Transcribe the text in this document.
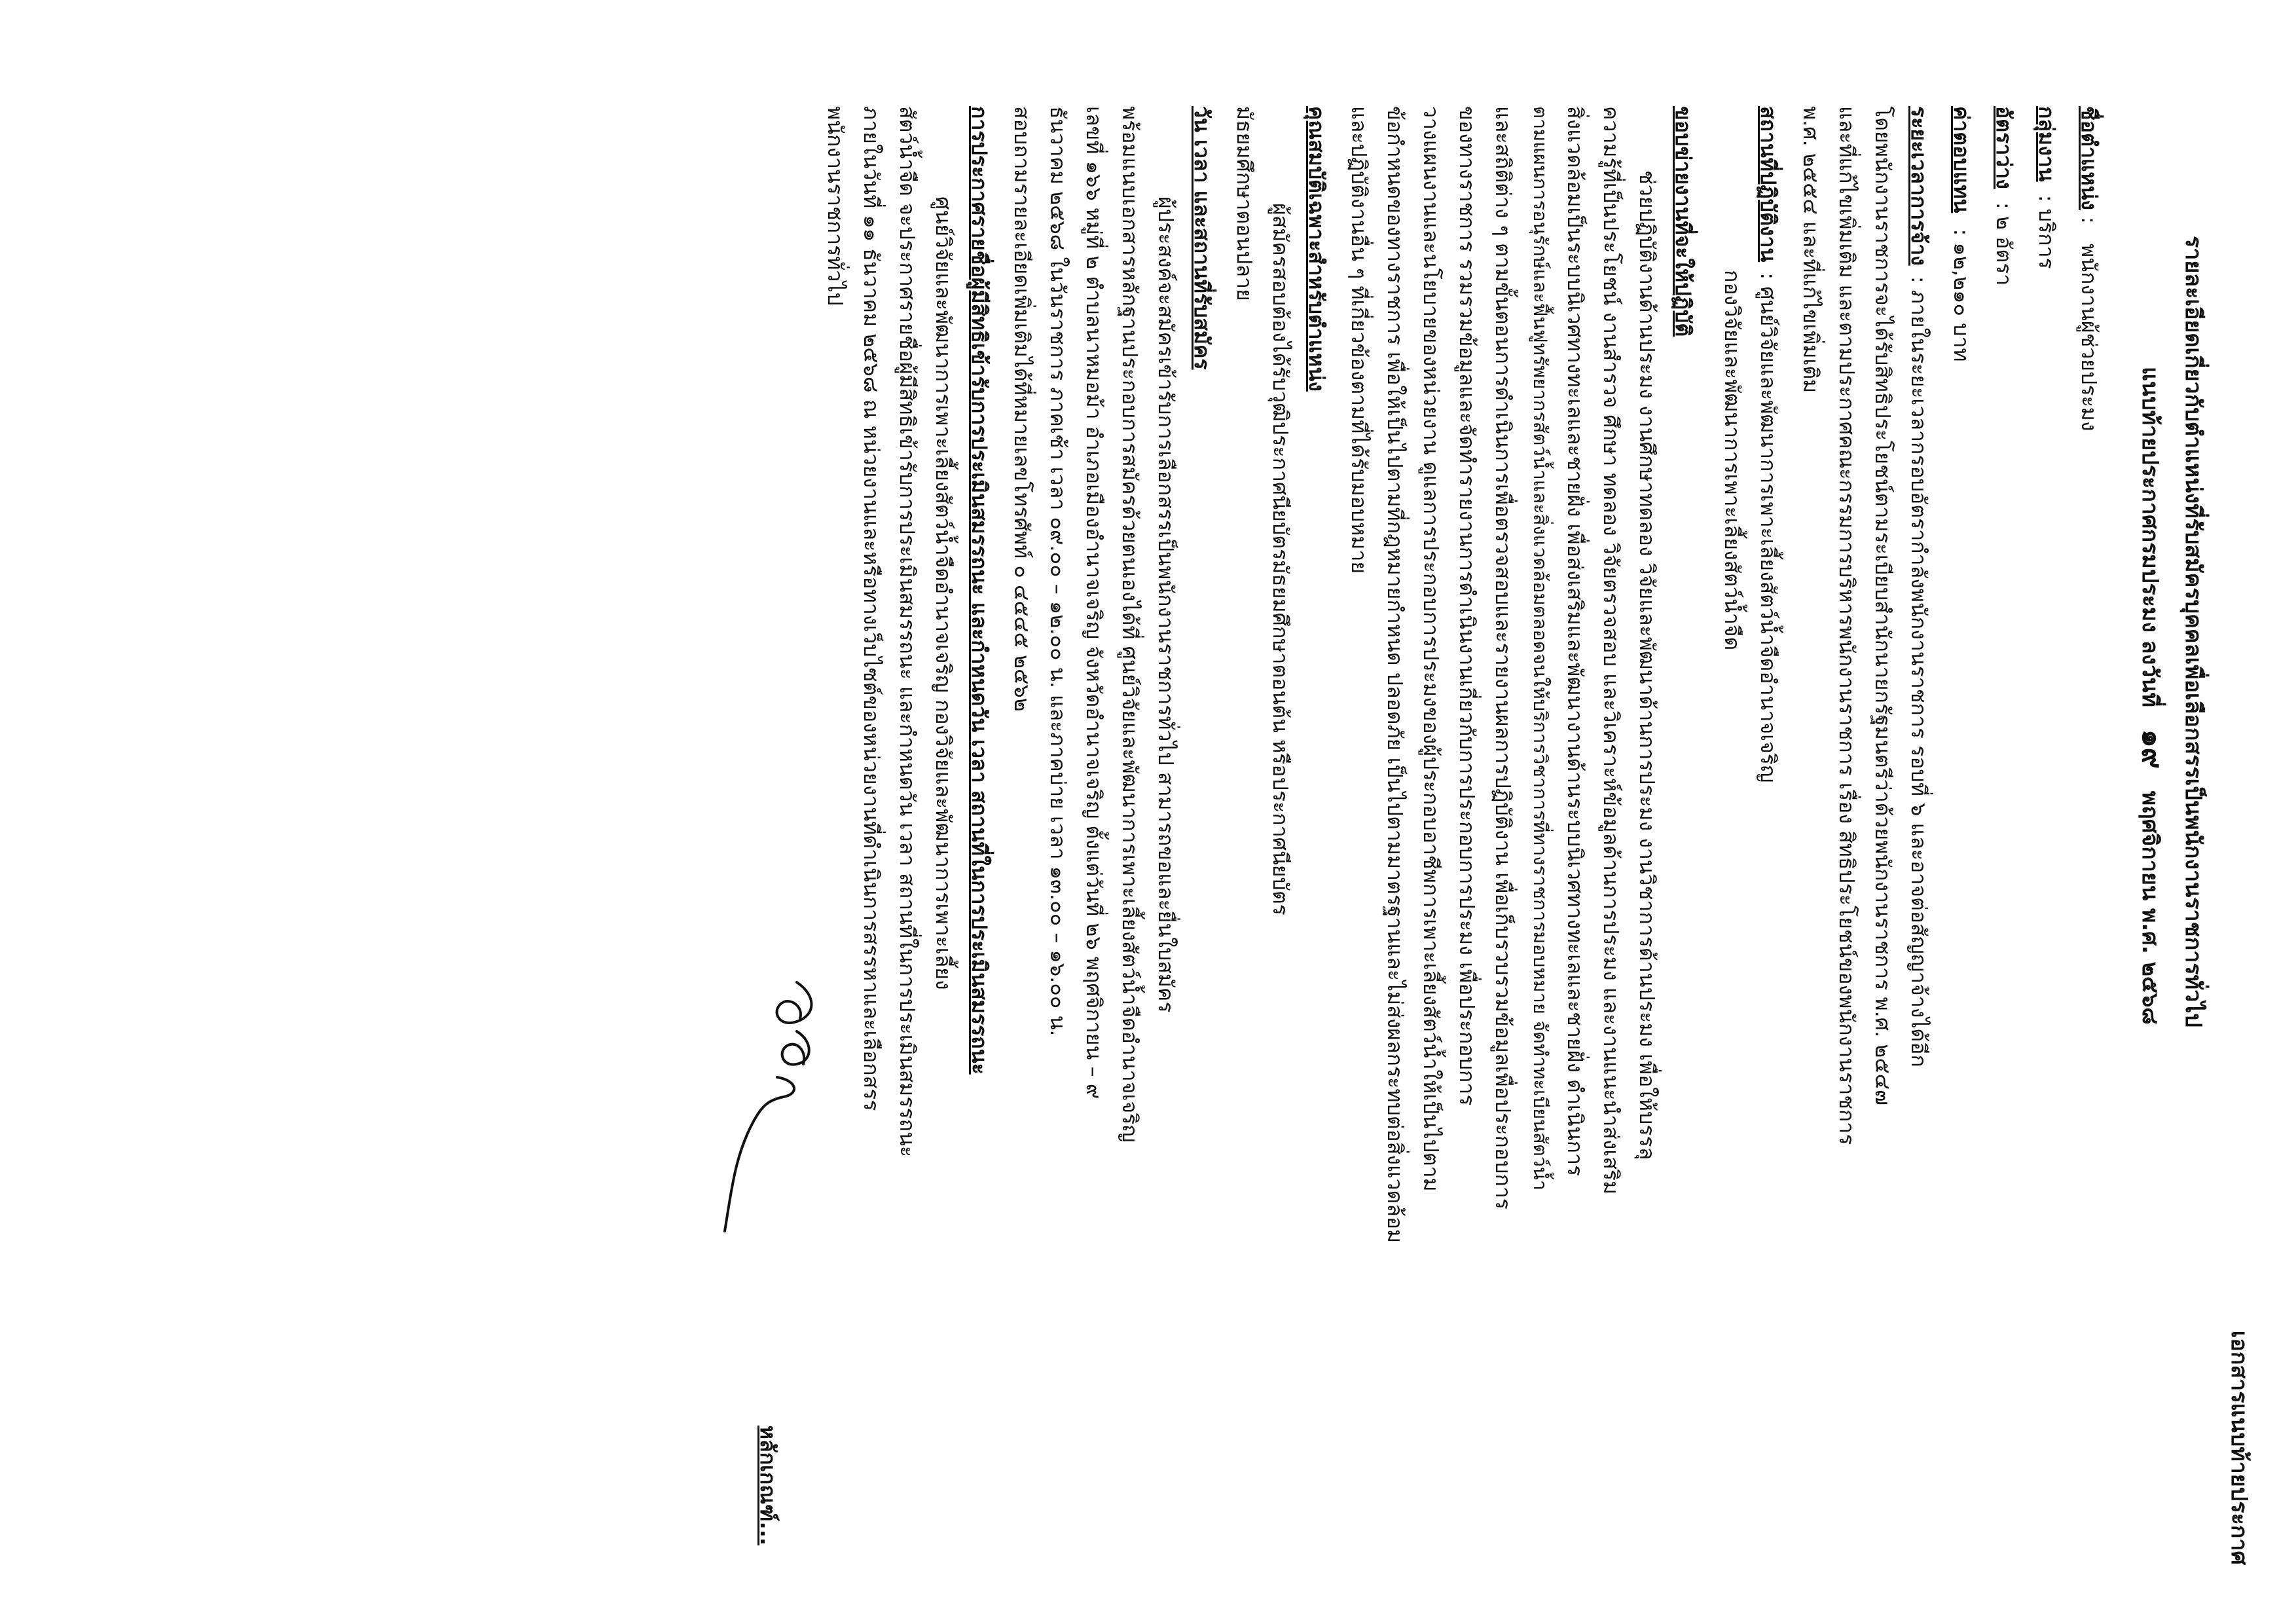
เอกสารแนบท้ายประกาศ
รายละเอียดเกี่ยวกับตำแหน่งที่รับสมัครบุคคลเพื่อเลือกสรรเป็นพนักงานราชการทั่วไป
แนบท้ายประกาศกรมประมง ลงวันที่ ๑๙ พฤศจิกายน พ.ศ. ๒๕๖๘
ชื่อตำแหน่ง : พนักงานผู้ช่วยประมง
กลุ่มงาน : บริการ
อัตราว่าง : ๒ อัตรา
ค่าตอบแทน : ๑๒,๒๑๐ บาท
ระยะเวลาการจ้าง : ภายในระยะเวลากรอบอัตรากำลังพนักงานราชการ รอบที่ ๖ และอาจต่อสัญญาจ้างได้อีก
โดยพนักงานราชการจะได้รับสิทธิประโยชน์ตามระเบียบสำนักนายกรัฐมนตรีว่าด้วยพนักงานราชการ พ.ศ. ๒๕๔๗
และที่แก้ไขเพิ่มเติม และตามประกาศคณะกรรมการบริหารพนักงานราชการ เรื่อง สิทธิประโยชน์ของพนักงานราชการ
พ.ศ. ๒๕๕๔ และที่แก้ไขเพิ่มเติม
สถานที่ปฏิบัติงาน : ศูนย์วิจัยและพัฒนาการเพาะเลี้ยงสัตว์น้ำจืดอำนาจเจริญ
กองวิจัยและพัฒนาการเพาะเลี้ยงสัตว์น้ำจืด
ขอบข่ายงานที่จะให้ปฏิบัติ
ช่วยปฏิบัติงานด้านประมง งานศึกษาทดลอง วิจัยและพัฒนาด้านการประมง งานวิชาการด้านประมง เพื่อให้บรรลุ
ความรู้ที่เป็นประโยชน์ งานสำรวจ ศึกษา ทดลอง วิจัยตรวจสอบ และวิเคราะห์ข้อมูลด้านการประมง และงานแนะนำส่งเสริม
สิ่งแวดล้อมเป็นระบบนิเวศทางทะเลและชายฝั่ง เพื่อส่งเสริมและพัฒนางานด้านระบบนิเวศทางทะเลและชายฝั่ง ดำเนินการ
ตามแผนการอนุรักษ์และฟื้นฟูทรัพยากรสัตว์น้ำและสิ่งแวดล้อมตลอดจนให้บริการวิชาการที่ทางราชการมอบหมาย จัดทำทะเบียนสัตว์น้ำ
และสถิติต่าง ๆ ตามขั้นตอนการดำเนินการเพื่อตรวจสอบและรายงานผลการปฏิบัติงาน เพื่อเก็บรวบรวมข้อมูลเพื่อประกอบการ
ของทางราชการ รวมรวมข้อมูลและจัดทำรายงานการดำเนินงานเกี่ยวกับการประกอบการประมง เพื่อประกอบการ
วางแผนงานและนโยบายของหน่วยงาน ดูแลการประกอบการประมงของผู้ประกอบอาชีพการเพาะเลี้ยงสัตว์น้ำให้เป็นไปตาม
ข้อกำหนดของทางราชการ เพื่อให้เป็นไปตามที่กฎหมายกำหนด ปลอดภัย เป็นไปตามมาตรฐานและไม่ส่งผลกระทบต่อสิ่งแวดล้อม
และปฏิบัติงานอื่น ๆ ที่เกี่ยวข้องตามที่ได้รับมอบหมาย
คุณสมบัติเฉพาะสำหรับตำแหน่ง
ผู้สมัครสอบต้องได้รับวุฒิประกาศนียบัตรมัธยมศึกษาตอนต้น หรือประกาศนียบัตร
มัธยมศึกษาตอนปลาย
วัน เวลา และสถานที่รับสมัคร
ผู้ประสงค์จะสมัครเข้ารับการเลือกสรรเป็นพนักงานราชการทั่วไป สามารถขอและยื่นใบสมัคร
พร้อมแนบเอกสารหลักฐานประกอบการสมัครด้วยตนเองได้ที่ ศูนย์วิจัยและพัฒนาการเพาะเลี้ยงสัตว์น้ำจืดอำนาจเจริญ
เลขที่ ๑๖๖ หมู่ที่ ๒ ตำบลนาหมอม้า อำเภอเมืองอำนาจเจริญ จังหวัดอำนาจเจริญ ตั้งแต่วันที่ ๒๖ พฤศจิกายน – ๙
ธันวาคม ๒๕๖๘ ในวันราชการ ภาคเช้า เวลา ๐๙.๐๐ – ๑๒.๐๐ น. และภาคบ่าย เวลา ๑๓.๐๐ – ๑๖.๐๐ น.
สอบถามรายละเอียดเพิ่มเติมได้ที่หมายเลขโทรศัพท์ ๐ ๔๕๔๕ ๒๕๖๒
การประกาศรายชื่อผู้มีสิทธิเข้ารับการประเมินสมรรถนะ และกำหนดวัน เวลา สถานที่ในการประเมินสมรรถนะ
ศูนย์วิจัยและพัฒนาการเพาะเลี้ยงสัตว์น้ำจืดอำนาจเจริญ กองวิจัยและพัฒนาการเพาะเลี้ยง
สัตว์น้ำจืด จะประกาศรายชื่อผู้มีสิทธิเข้ารับการประเมินสมรรถนะ และกำหนดวัน เวลา สถานที่ในการประเมินสมรรถนะ
ภายในวันที่ ๑๑ ธันวาคม ๒๕๖๘ ณ หน่วยงานและหรือทางเว็บไซต์ของหน่วยงานที่ดำเนินการสรรหาและเลือกสรร
พนักงานราชการทั่วไป
หลักเกณฑ์...
